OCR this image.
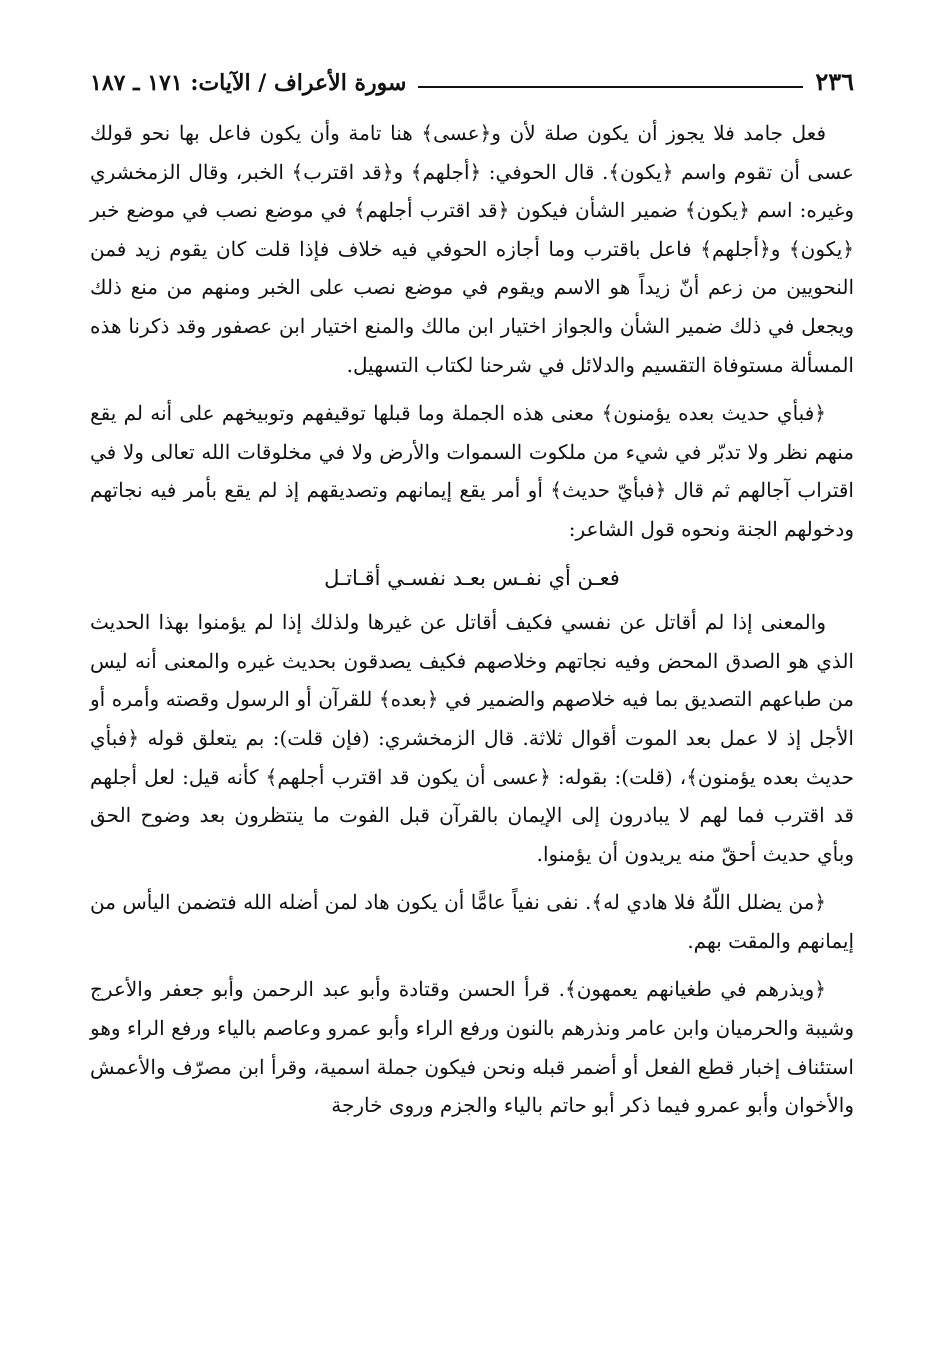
٢٣٦
سورة الأعراف / الآيات: ١٧١ ـ ١٨٧

فعل جامد فلا يجوز أن يكون صلة لأن و﴿عسى﴾ هنا تامة وأن يكون فاعل بها نحو قولك عسى أن تقوم واسم ﴿يكون﴾. قال الحوفي: ﴿أجلهم﴾ و﴿قد اقترب﴾ الخبر، وقال الزمخشري وغيره: اسم ﴿يكون﴾ ضمير الشأن فيكون ﴿قد اقترب أجلهم﴾ في موضع نصب في موضع خبر ﴿يكون﴾ و﴿أجلهم﴾ فاعل باقترب وما أجازه الحوفي فيه خلاف فإذا قلت كان يقوم زيد فمن النحويين من زعم أنّ زيداً هو الاسم ويقوم في موضع نصب على الخبر ومنهم من منع ذلك ويجعل في ذلك ضمير الشأن والجواز اختيار ابن مالك والمنع اختيار ابن عصفور وقد ذكرنا هذه المسألة مستوفاة التقسيم والدلائل في شرحنا لكتاب التسهيل.

﴿فبأي حديث بعده يؤمنون﴾ معنى هذه الجملة وما قبلها توقيفهم وتوبيخهم على أنه لم يقع منهم نظر ولا تدبّر في شيء من ملكوت السموات والأرض ولا في مخلوقات الله تعالى ولا في اقتراب آجالهم ثم قال ﴿فبأيّ حديث﴾ أو أمر يقع إيمانهم وتصديقهم إذ لم يقع بأمر فيه نجاتهم ودخولهم الجنة ونحوه قول الشاعر:

فعـن أي نفـس بعـد نفسـي أقـاتـل

والمعنى إذا لم أقاتل عن نفسي فكيف أقاتل عن غيرها ولذلك إذا لم يؤمنوا بهذا الحديث الذي هو الصدق المحض وفيه نجاتهم وخلاصهم فكيف يصدقون بحديث غيره والمعنى أنه ليس من طباعهم التصديق بما فيه خلاصهم والضمير في ﴿بعده﴾ للقرآن أو الرسول وقصته وأمره أو الأجل إذ لا عمل بعد الموت أقوال ثلاثة. قال الزمخشري: (فإن قلت): بم يتعلق قوله ﴿فبأي حديث بعده يؤمنون﴾، (قلت): بقوله: ﴿عسى أن يكون قد اقترب أجلهم﴾ كأنه قيل: لعل أجلهم قد اقترب فما لهم لا يبادرون إلى الإيمان بالقرآن قبل الفوت ما ينتظرون بعد وضوح الحق وبأي حديث أحقّ منه يريدون أن يؤمنوا.

﴿من يضلل اللّهُ فلا هادي له﴾. نفى نفياً عامًّا أن يكون هاد لمن أضله الله فتضمن اليأس من إيمانهم والمقت بهم.

﴿ويذرهم في طغيانهم يعمهون﴾. قرأ الحسن وقتادة وأبو عبد الرحمن وأبو جعفر والأعرج وشيبة والحرميان وابن عامر ونذرهم بالنون ورفع الراء وأبو عمرو وعاصم بالياء ورفع الراء وهو استئناف إخبار قطع الفعل أو أضمر قبله ونحن فيكون جملة اسمية، وقرأ ابن مصرّف والأعمش والأخوان وأبو عمرو فيما ذكر أبو حاتم بالياء والجزم وروى خارجة
